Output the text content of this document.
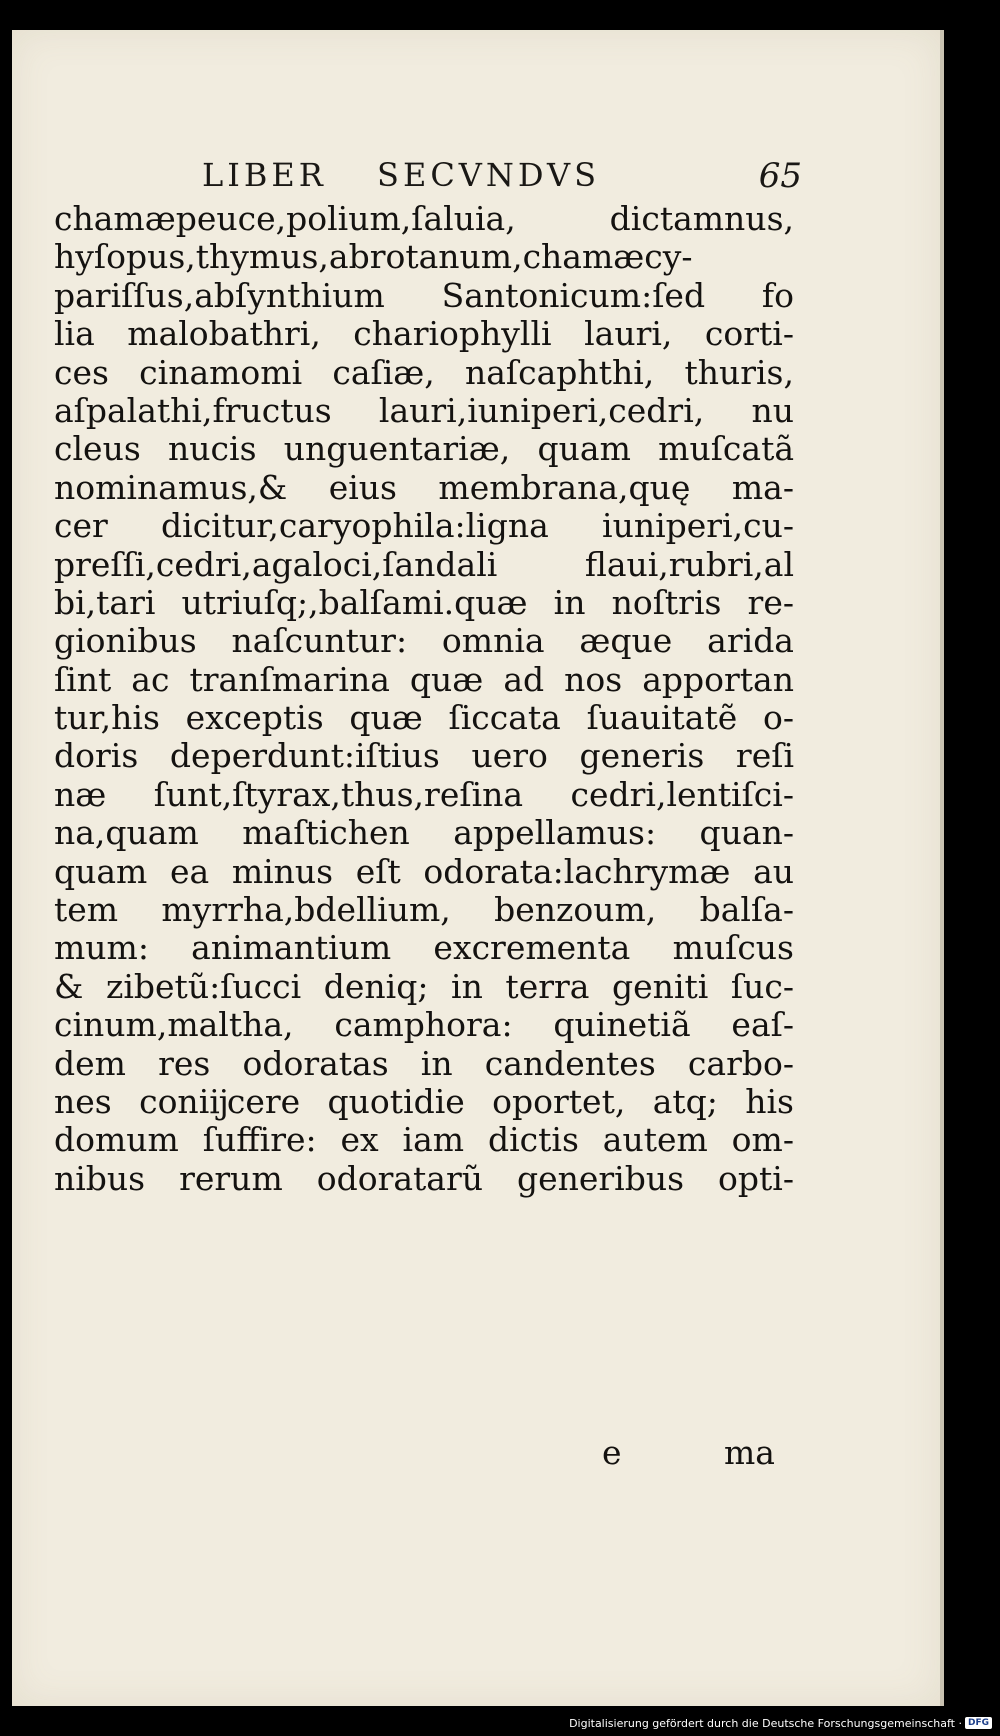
LIBER SECVNDVS	65
chamæpeuce,polium,ſaluia, dictamnus,
hyſopus,thymus,abrotanum,chamæcy-
pariſſus,abſynthium Santonicum:ſed fo
lia malobathri, chariophylli lauri, corti-
ces cinamomi caſiæ, naſcaphthi, thuris,
aſpalathi,fructus lauri,iuniperi,cedri, nu
cleus nucis unguentariæ, quam muſcatã
nominamus,& eius membrana,quę ma-
cer dicitur,caryophila:ligna iuniperi,cu-
preſſi,cedri,agaloci,ſandali flaui,rubri,al
bi,tari utriuſq;,balſami.quæ in noſtris re-
gionibus naſcuntur: omnia æque arida
ſint ac tranſmarina quæ ad nos apportan
tur,his exceptis quæ ſiccata ſuauitatẽ o-
doris deperdunt:iſtius uero generis reſi
næ ſunt,ſtyrax,thus,reſina cedri,lentiſci-
na,quam maſtichen appellamus: quan-
quam ea minus eſt odorata:lachrymæ au
tem myrrha,bdellium, benzoum, balſa-
mum: animantium excrementa muſcus
& zibetũ:ſucci deniq; in terra geniti ſuc-
cinum,maltha, camphora: quinetiã eaſ-
dem res odoratas in candentes carbo-
nes coniĳcere quotidie oportet, atq; his
domum ſuffire: ex iam dictis autem om-
nibus rerum odoratarũ generibus opti-
e	ma
Digitalisierung gefördert durch die Deutsche Forschungsgemeinschaft · DFG
